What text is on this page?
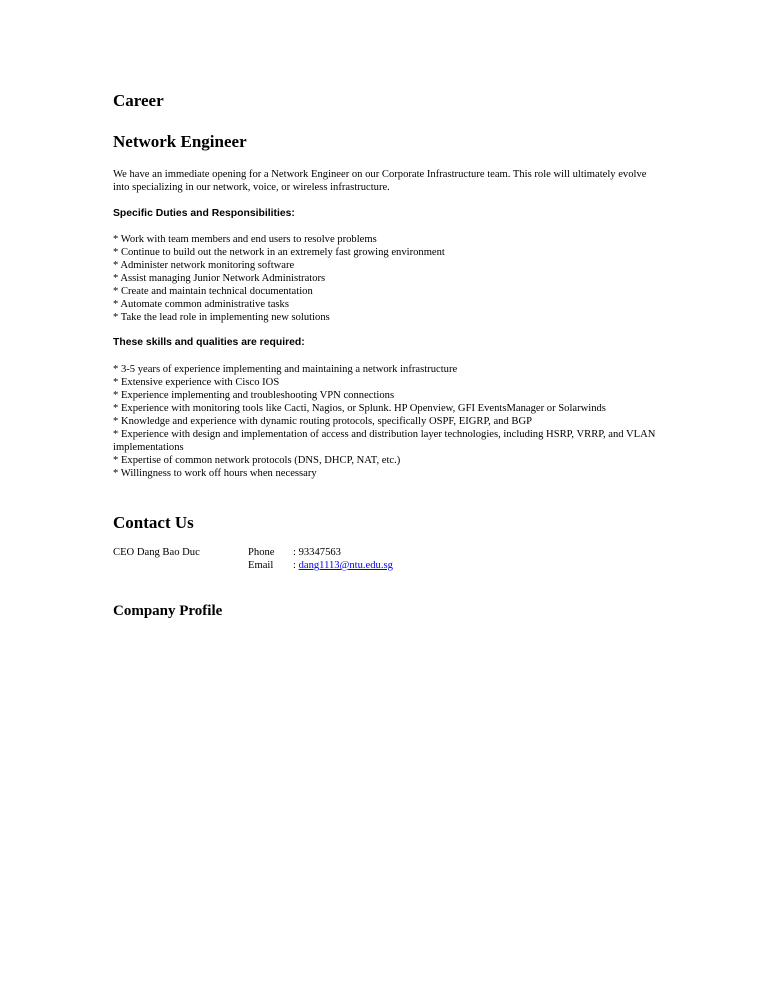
Career
Network Engineer

We have an immediate opening for a Network Engineer on our Corporate Infrastructure team. This role will ultimately evolve into specializing in our network, voice, or wireless infrastructure.

Specific Duties and Responsibilities:
* Work with team members and end users to resolve problems
* Continue to build out the network in an extremely fast growing environment
* Administer network monitoring software
* Assist managing Junior Network Administrators
* Create and maintain technical documentation
* Automate common administrative tasks
* Take the lead role in implementing new solutions
These skills and qualities are required:
* 3-5 years of experience implementing and maintaining a network infrastructure
* Extensive experience with Cisco IOS
* Experience implementing and troubleshooting VPN connections
* Experience with monitoring tools like Cacti, Nagios, or Splunk. HP Openview, GFI EventsManager or Solarwinds
* Knowledge and experience with dynamic routing protocols, specifically OSPF, EIGRP, and BGP
* Experience with design and implementation of access and distribution layer technologies, including HSRP, VRRP, and VLAN implementations
* Expertise of common network protocols (DNS, DHCP, NAT, etc.)
* Willingness to work off hours when necessary
Contact Us
CEO Dang Bao Duc	Phone
Email
: 93347563
: dang1113@ntu.edu.sg
Company Profile
